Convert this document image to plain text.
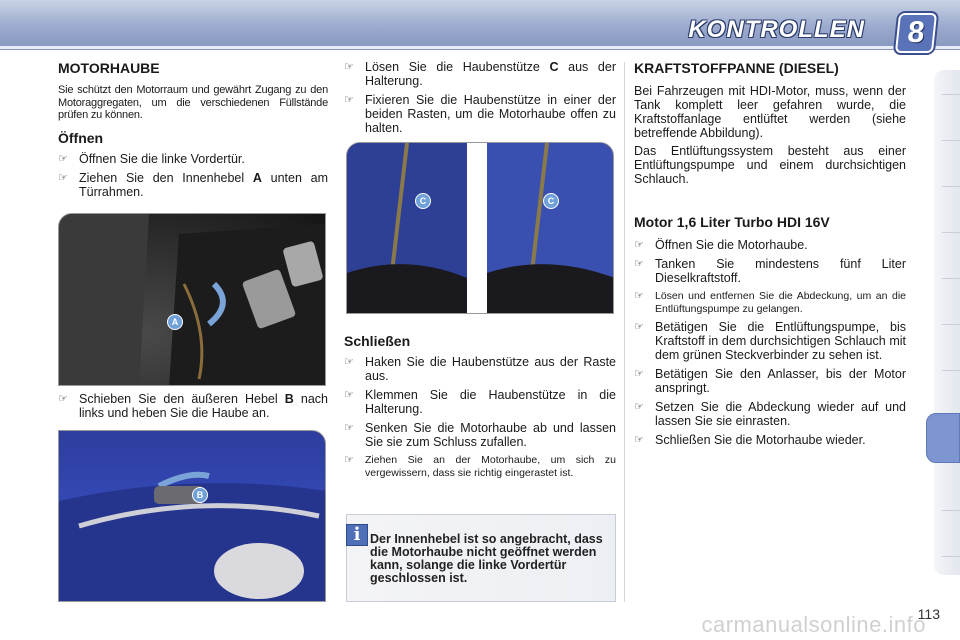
KONTROLLEN	8
MOTORHAUBE

Sie schützt den Motorraum und gewährt Zugang zu den Motoraggregaten, um die verschiedenen Füllstände prüfen zu können.

Öffnen
☞ Öffnen Sie die linke Vordertür.
☞ Ziehen Sie den Innenhebel A unten am Türrahmen.
☞ Schieben Sie den äußeren Hebel B nach links und heben Sie die Haube an.
A
B
☞ Lösen Sie die Haubenstütze C aus der Halterung.
☞ Fixieren Sie die Haubenstütze in einer der beiden Rasten, um die Motorhaube offen zu halten.
C	C
Schließen
☞ Haken Sie die Haubenstütze aus der Raste aus.
☞ Klemmen Sie die Haubenstütze in die Halterung.
☞ Senken Sie die Motorhaube ab und lassen Sie sie zum Schluss zufallen.
☞ Ziehen Sie an der Motorhaube, um sich zu vergewissern, dass sie richtig eingerastet ist.
i Der Innenhebel ist so angebracht, dass die Motorhaube nicht geöffnet werden kann, solange die linke Vordertür geschlossen ist.
KRAFTSTOFFPANNE (DIESEL)

Bei Fahrzeugen mit HDI-Motor, muss, wenn der Tank komplett leer gefahren wurde, die Kraftstoffanlage entlüftet werden (siehe betreffende Abbildung).

Das Entlüftungssystem besteht aus einer Entlüftungspumpe und einem durchsichtigen Schlauch.

Motor 1,6 Liter Turbo HDI 16V
☞ Öffnen Sie die Motorhaube.
☞ Tanken Sie mindestens fünf Liter Dieselkraftstoff.
☞ Lösen und entfernen Sie die Abdeckung, um an die Entlüftungspumpe zu gelangen.
☞ Betätigen Sie die Entlüftungspumpe, bis Kraftstoff in dem durchsichtigen Schlauch mit dem grünen Steckverbinder zu sehen ist.
☞ Betätigen Sie den Anlasser, bis der Motor anspringt.
☞ Setzen Sie die Abdeckung wieder auf und lassen Sie sie einrasten.
☞ Schließen Sie die Motorhaube wieder.
carmanualsonline.info
113
